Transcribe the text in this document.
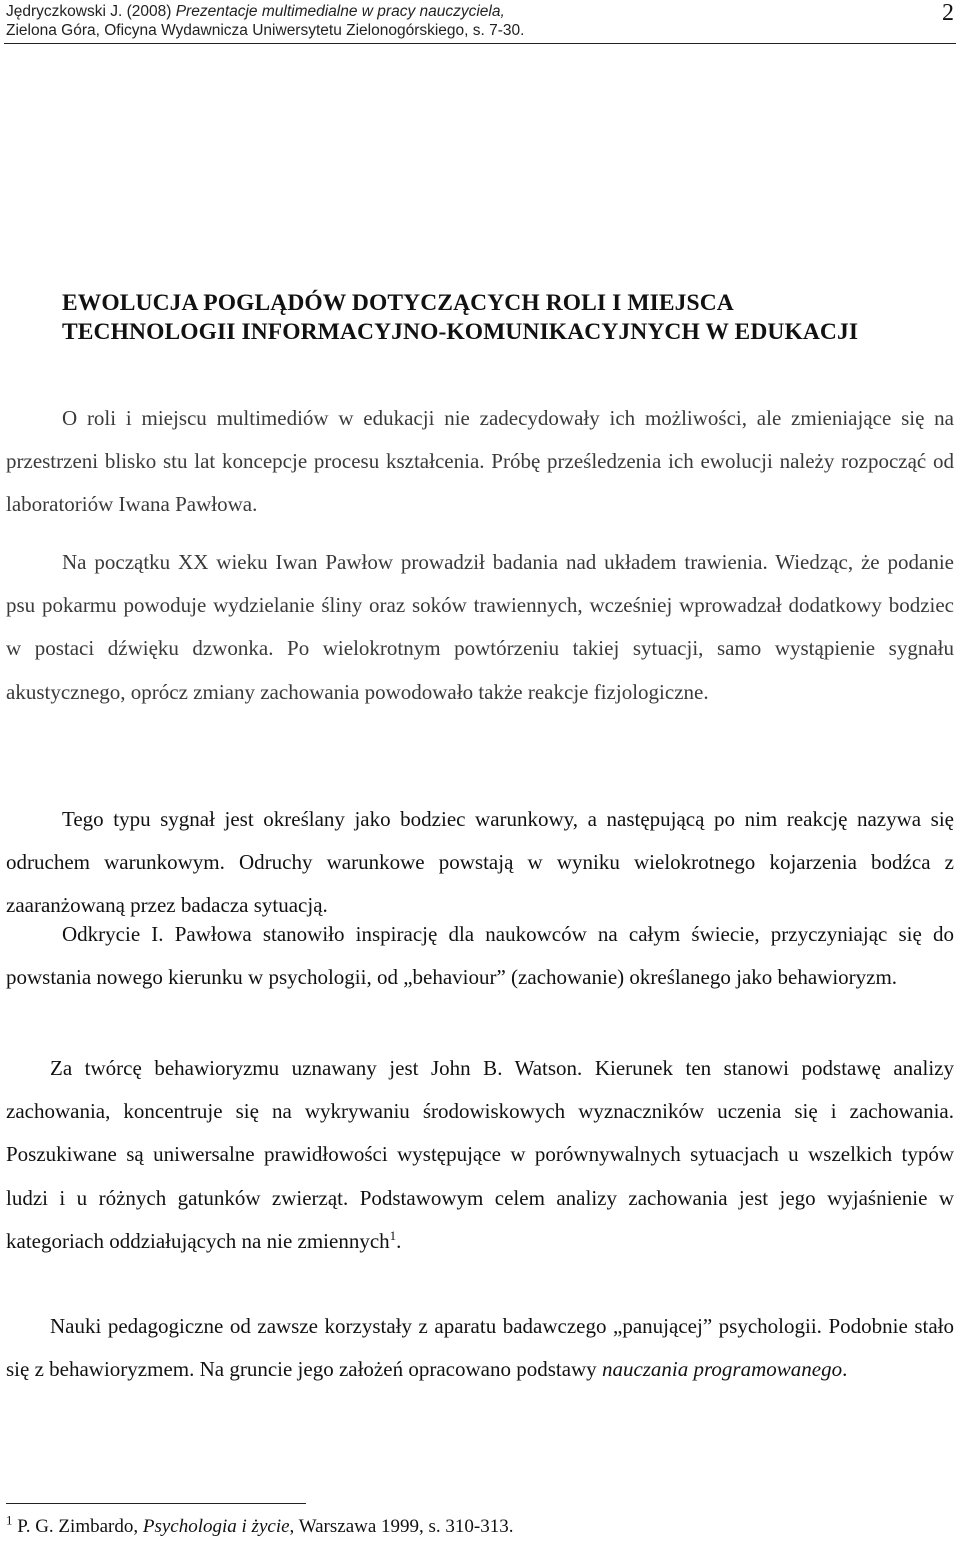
Jędryczkowski J. (2008) Prezentacje multimedialne w pracy nauczyciela,
Zielona Góra, Oficyna Wydawnicza Uniwersytetu Zielonogórskiego, s. 7-30.
2
EWOLUCJA POGLĄDÓW DOTYCZĄCYCH ROLI I MIEJSCA
TECHNOLOGII INFORMACYJNO-KOMUNIKACYJNYCH W EDUKACJI

O roli i miejscu multimediów w edukacji nie zadecydowały ich możliwości, ale zmieniające się na przestrzeni blisko stu lat koncepcje procesu kształcenia. Próbę prześledzenia ich ewolucji należy rozpocząć od laboratoriów Iwana Pawłowa.

Na początku XX wieku Iwan Pawłow prowadził badania nad układem trawienia. Wiedząc, że podanie psu pokarmu powoduje wydzielanie śliny oraz soków trawiennych, wcześniej wprowadzał dodatkowy bodziec w postaci dźwięku dzwonka. Po wielokrotnym powtórzeniu takiej sytuacji, samo wystąpienie sygnału akustycznego, oprócz zmiany zachowania powodowało także reakcje fizjologiczne.

Tego typu sygnał jest określany jako bodziec warunkowy, a następującą po nim reakcję nazywa się odruchem warunkowym. Odruchy warunkowe powstają w wyniku wielokrotnego kojarzenia bodźca z zaaranżowaną przez badacza sytuacją.

Odkrycie I. Pawłowa stanowiło inspirację dla naukowców na całym świecie, przyczyniając się do powstania nowego kierunku w psychologii, od „behaviour” (zachowanie) określanego jako behawioryzm.

Za twórcę behawioryzmu uznawany jest John B. Watson. Kierunek ten stanowi podstawę analizy zachowania, koncentruje się na wykrywaniu środowiskowych wyznaczników uczenia się i zachowania. Poszukiwane są uniwersalne prawidłowości występujące w porównywalnych sytuacjach u wszelkich typów ludzi i u różnych gatunków zwierząt. Podstawowym celem analizy zachowania jest jego wyjaśnienie w kategoriach oddziałujących na nie zmiennych$^1$.

Nauki pedagogiczne od zawsze korzystały z aparatu badawczego „panującej” psychologii. Podobnie stało się z behawioryzmem. Na gruncie jego założeń opracowano podstawy nauczania programowanego.

$^1$ P. G. Zimbardo, Psychologia i życie, Warszawa 1999, s. 310-313.
